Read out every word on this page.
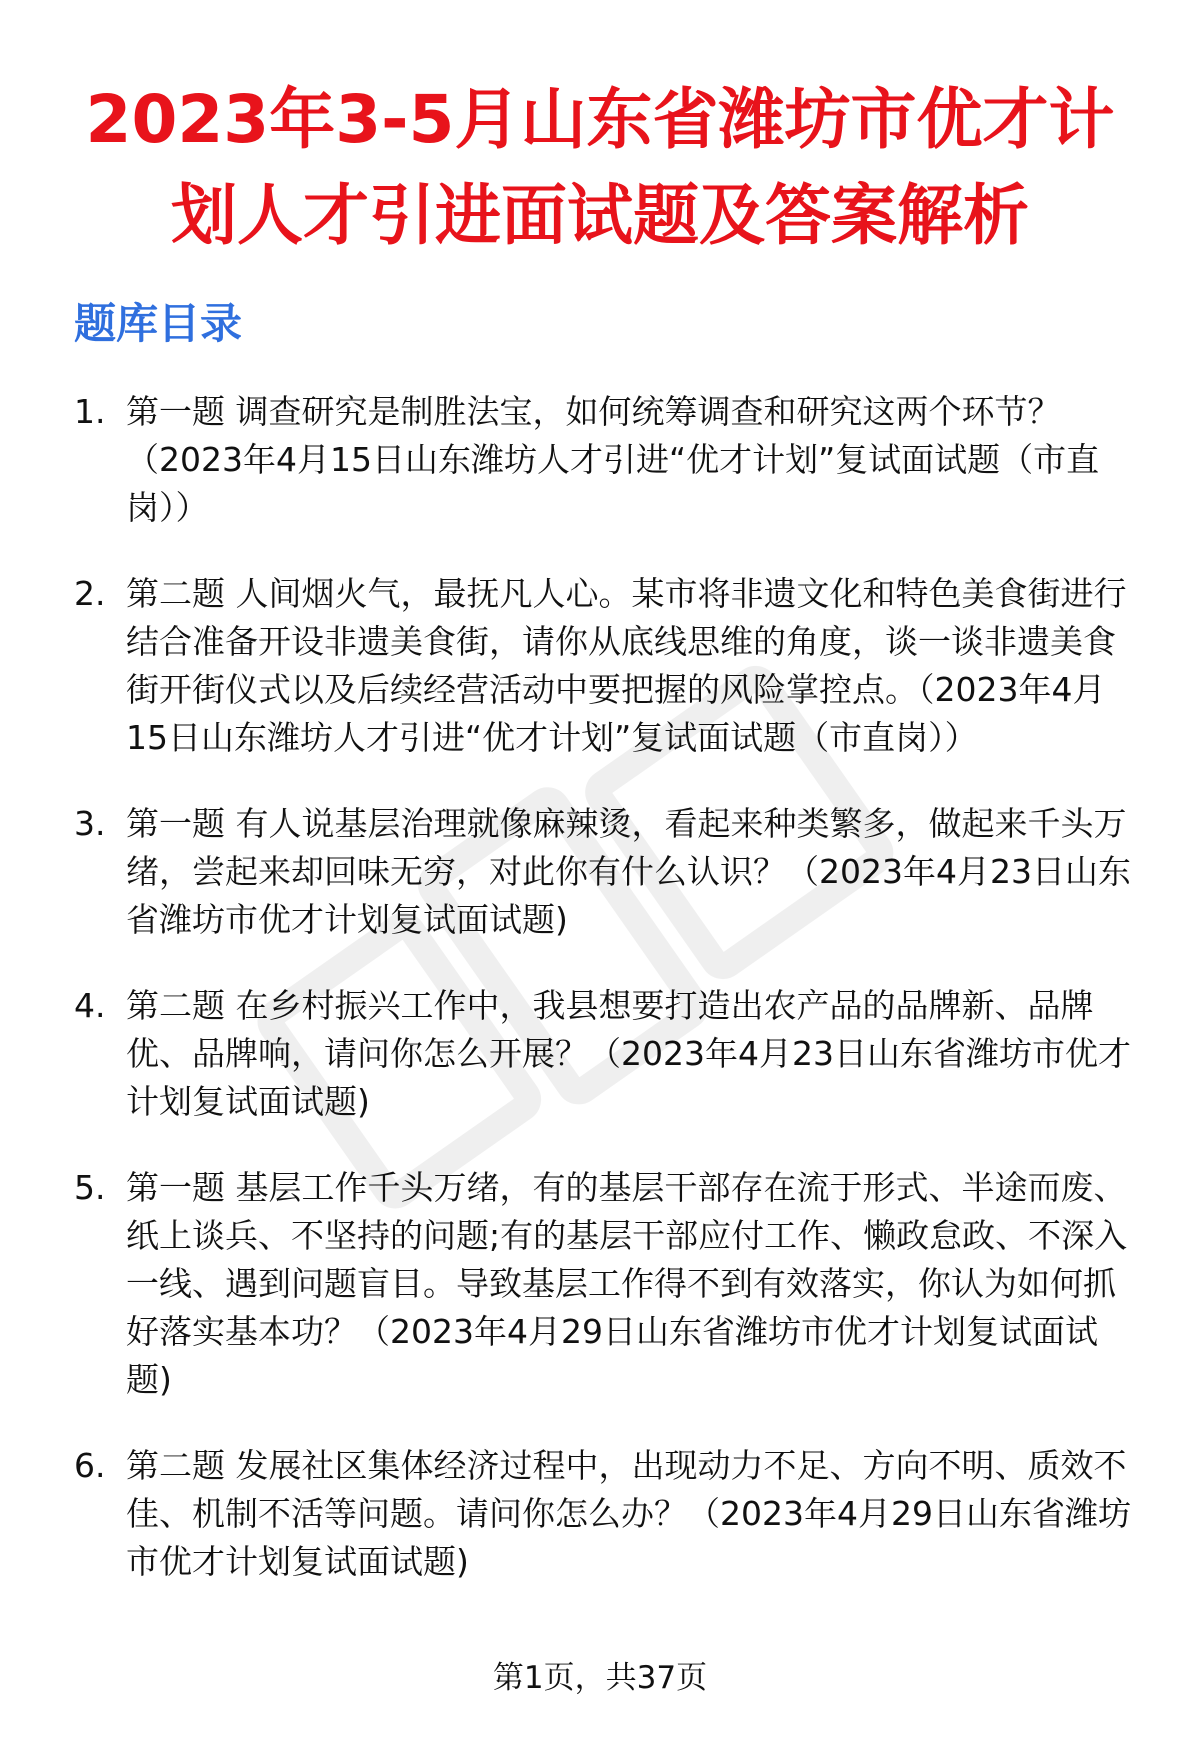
2023年3-5月山东省潍坊市优才计
划人才引进面试题及答案解析
题库目录
1. 第一题 调查研究是制胜法宝，如何统筹调查和研究这两个环节？（2023年4月15日山东潍坊人才引进“优才计划”复试面试题（市直岗））
2. 第二题 人间烟火气，最抚凡人心。某市将非遗文化和特色美食街进行结合准备开设非遗美食街，请你从底线思维的角度，谈一谈非遗美食街开街仪式以及后续经营活动中要把握的风险掌控点。（2023年4月15日山东潍坊人才引进“优才计划”复试面试题（市直岗））
3. 第一题 有人说基层治理就像麻辣烫，看起来种类繁多，做起来千头万绪，尝起来却回味无穷，对此你有什么认识？（2023年4月23日山东省潍坊市优才计划复试面试题)
4. 第二题 在乡村振兴工作中，我县想要打造出农产品的品牌新、品牌优、品牌响，请问你怎么开展？（2023年4月23日山东省潍坊市优才计划复试面试题)
5. 第一题 基层工作千头万绪，有的基层干部存在流于形式、半途而废、纸上谈兵、不坚持的问题;有的基层干部应付工作、懒政怠政、不深入一线、遇到问题盲目。导致基层工作得不到有效落实，你认为如何抓好落实基本功？（2023年4月29日山东省潍坊市优才计划复试面试题)
6. 第二题 发展社区集体经济过程中，出现动力不足、方向不明、质效不佳、机制不活等问题。请问你怎么办？（2023年4月29日山东省潍坊市优才计划复试面试题)
第1页，共37页
